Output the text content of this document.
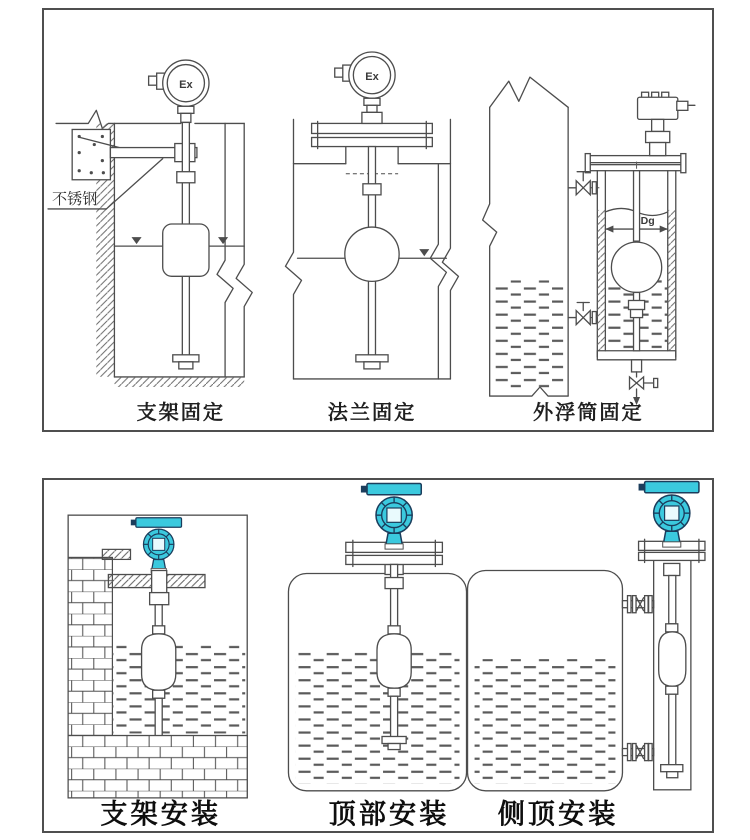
不锈钢
Ex
支架固定
Ex
法兰固定
Dg
外浮筒固定
支架安装	顶部安装 侧顶安装
